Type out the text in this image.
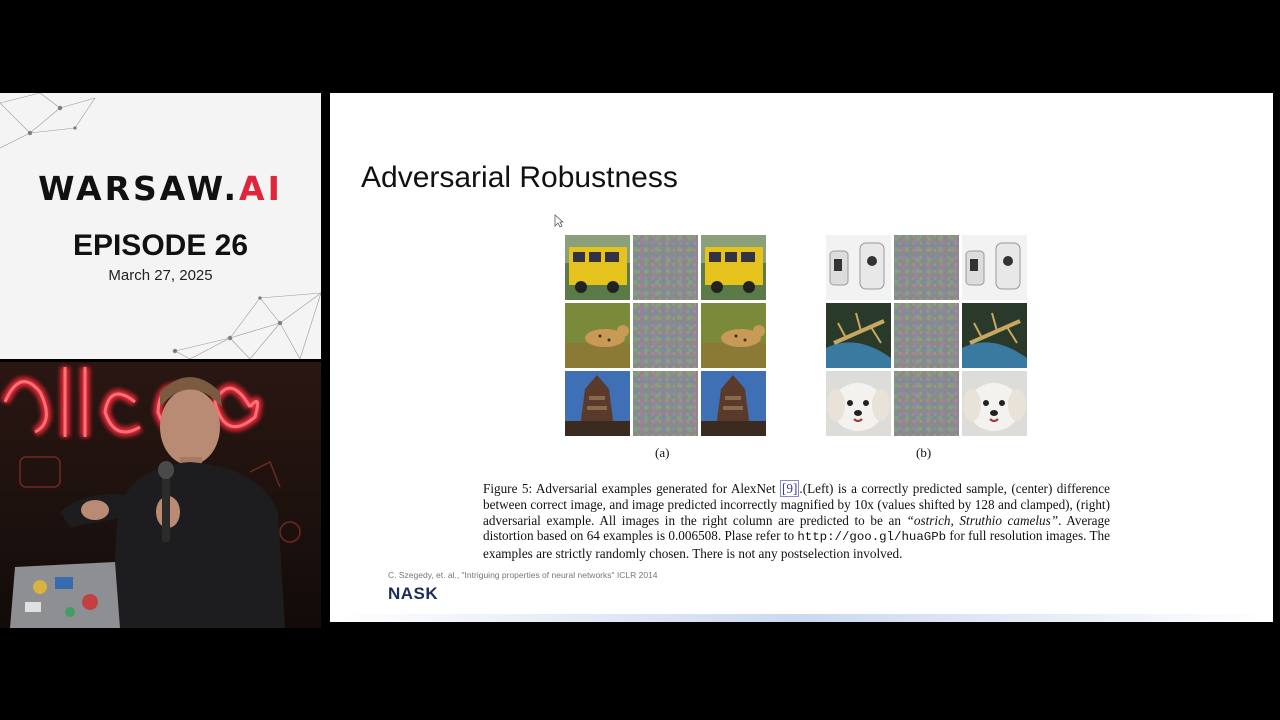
WARSAW.AI
EPISODE 26
March 27, 2025
Adversarial Robustness
(a)	(b)
Figure 5: Adversarial examples generated for AlexNet [9] .(Left) is a correctly predicted sample, (center) difference between correct image, and image predicted incorrectly magnified by 10x (values shifted by 128 and clamped), (right) adversarial example. All images in the right column are predicted to be an “ostrich, Struthio camelus”. Average distortion based on 64 examples is 0.006508. Plase refer to http://goo.gl/huaGPb for full resolution images. The examples are strictly randomly chosen. There is not any postselection involved.
C. Szegedy, et. al., "Intriguing properties of neural networks" ICLR 2014
NASK
